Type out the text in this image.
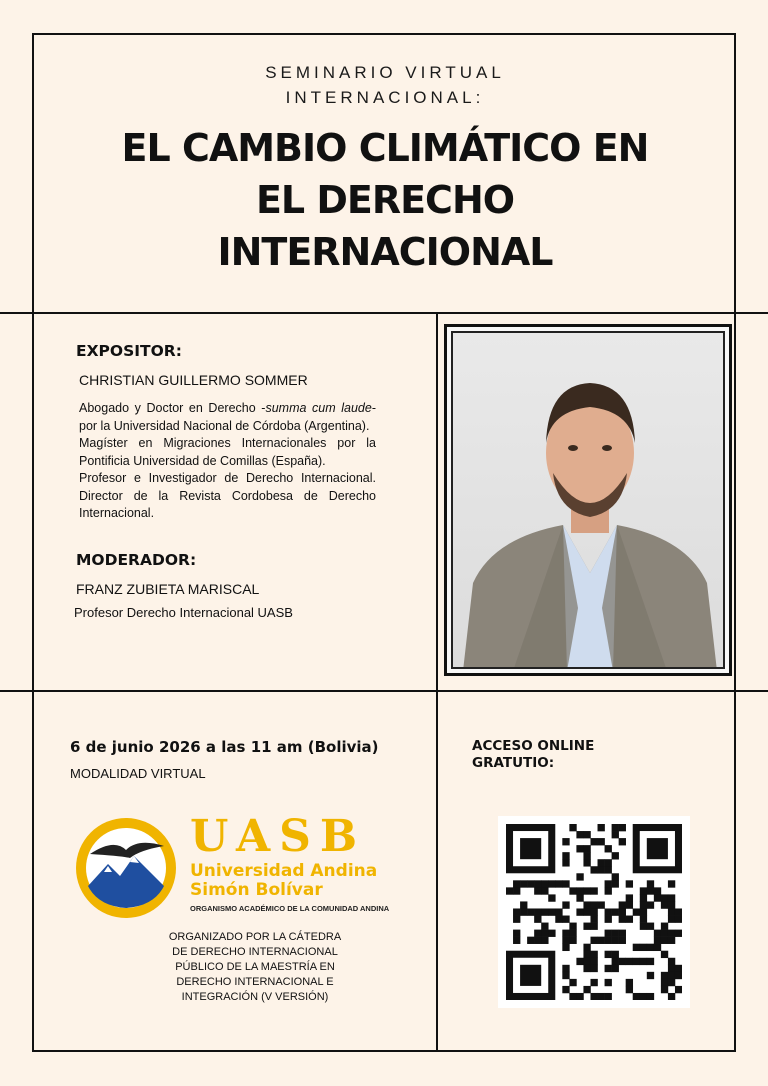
SEMINARIO VIRTUAL
INTERNACIONAL:
EL CAMBIO CLIMÁTICO EN
EL DERECHO
INTERNACIONAL
EXPOSITOR:
CHRISTIAN GUILLERMO SOMMER

Abogado y Doctor en Derecho -summa cum laude- por la Universidad Nacional de Córdoba (Argentina).

Magíster en Migraciones Internacionales por la Pontificia Universidad de Comillas (España).

Profesor e Investigador de Derecho Internacional. Director de la Revista Cordobesa de Derecho Internacional.

MODERADOR:
FRANZ ZUBIETA MARISCAL
Profesor Derecho Internacional UASB
6 de junio 2026 a las 11 am (Bolivia)
MODALIDAD VIRTUAL
UASB
Universidad Andina
Simón Bolívar
ORGANISMO ACADÉMICO DE LA COMUNIDAD ANDINA
ORGANIZADO POR LA CÁTEDRA
DE DERECHO INTERNACIONAL
PÚBLICO DE LA MAESTRÍA EN
DERECHO INTERNACIONAL E
INTEGRACIÓN (V VERSIÓN)
ACCESO ONLINE
GRATUTIO:
